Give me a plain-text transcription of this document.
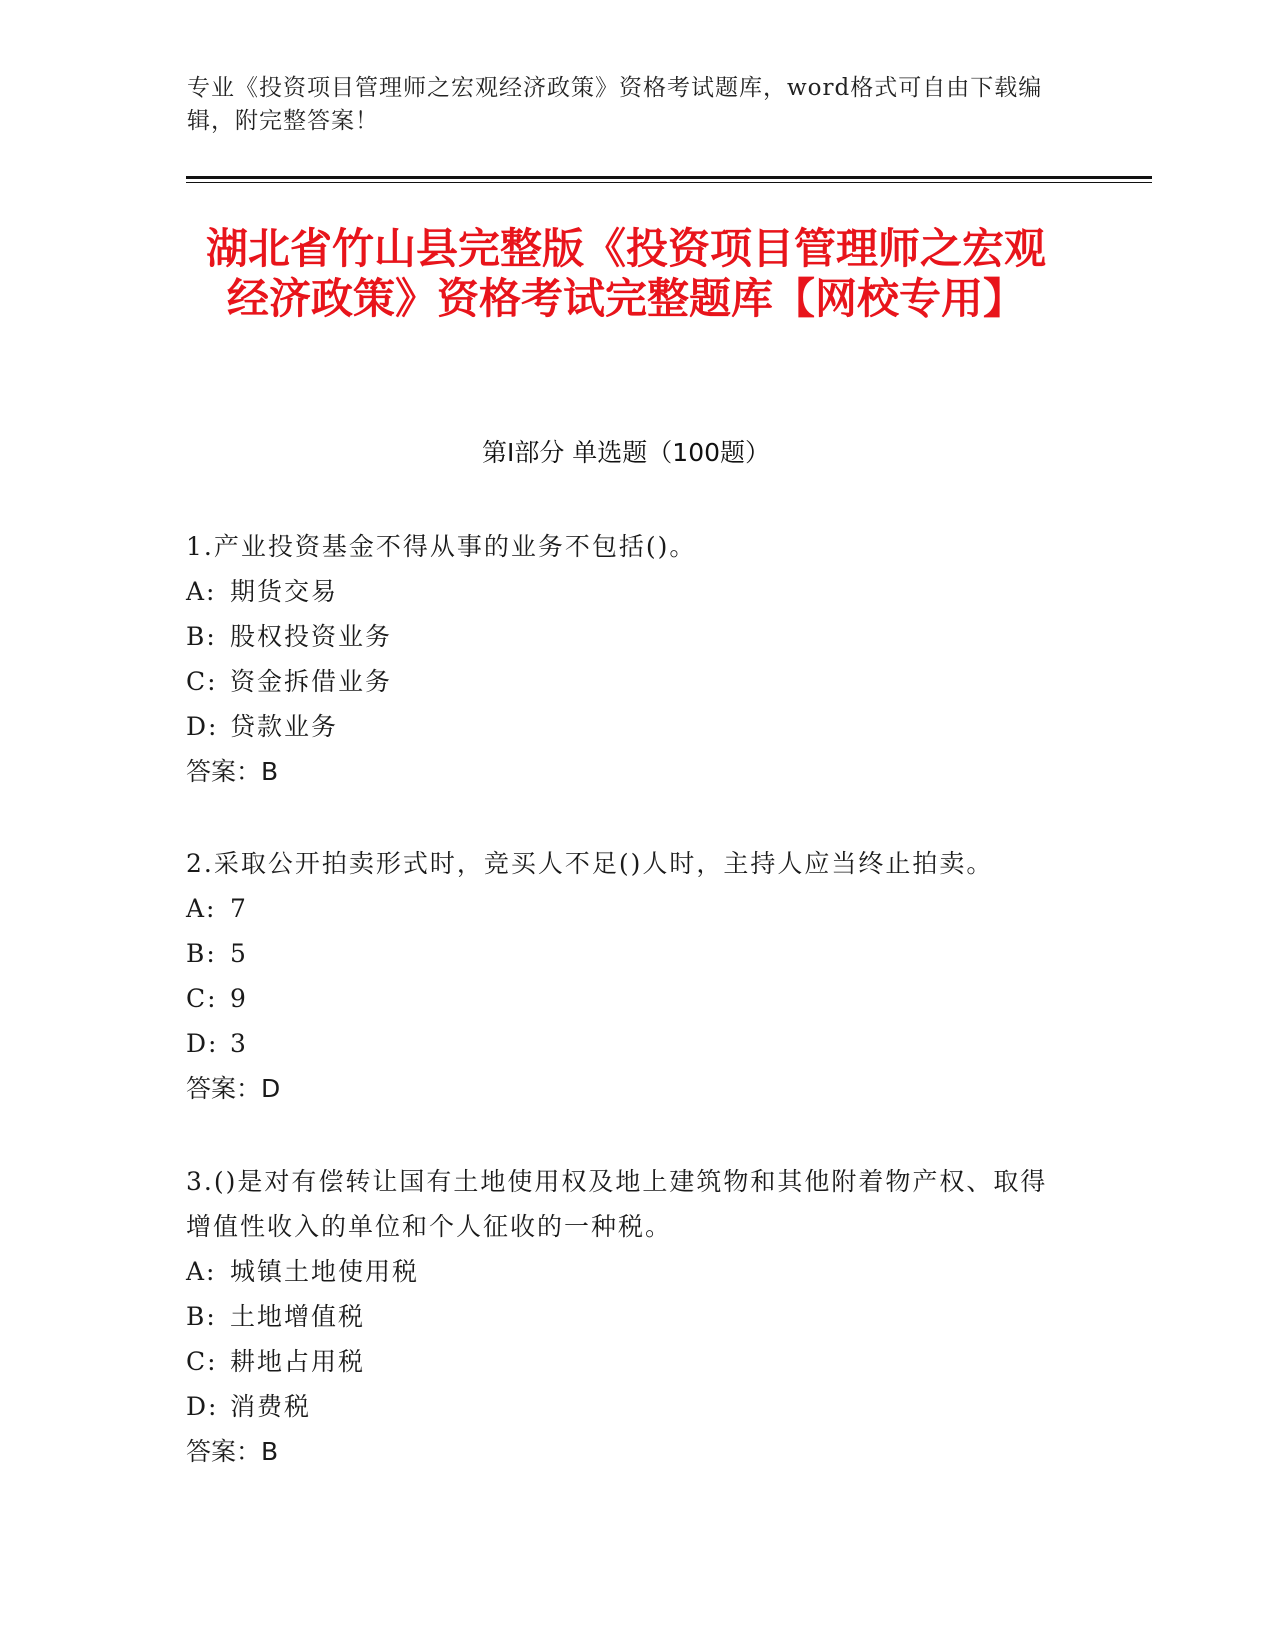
专业《投资项目管理师之宏观经济政策》资格考试题库，word格式可自由下载编辑，附完整答案！
湖北省竹山县完整版《投资项目管理师之宏观经济政策》资格考试完整题库【网校专用】
第I部分 单选题（100题）
1.产业投资基金不得从事的业务不包括()。
A: 期货交易
B: 股权投资业务
C: 资金拆借业务
D: 贷款业务
答案：B
2.采取公开拍卖形式时，竞买人不足()人时，主持人应当终止拍卖。
A: 7
B: 5
C: 9
D: 3
答案：D
3.()是对有偿转让国有土地使用权及地上建筑物和其他附着物产权、取得增值性收入的单位和个人征收的一种税。
A: 城镇土地使用税
B: 土地增值税
C: 耕地占用税
D: 消费税
答案：B
